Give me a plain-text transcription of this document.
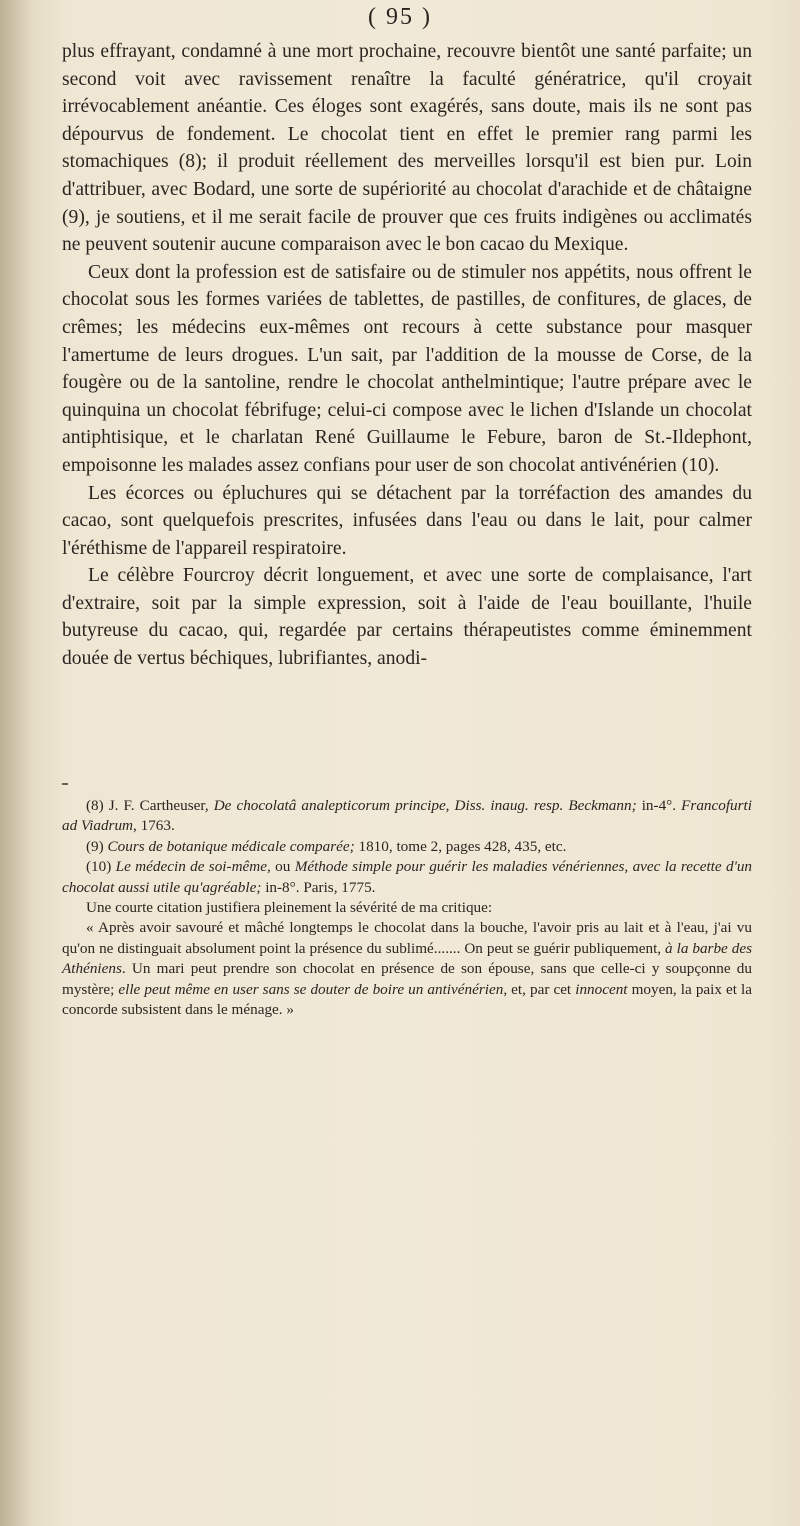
( 95 )

plus effrayant, condamné à une mort prochaine, recouvre bientôt une santé parfaite; un second voit avec ravissement renaître la faculté génératrice, qu'il croyait irrévocablement anéantie. Ces éloges sont exagérés, sans doute, mais ils ne sont pas dépourvus de fondement. Le chocolat tient en effet le premier rang parmi les stomachiques (8); il produit réellement des merveilles lorsqu'il est bien pur. Loin d'attribuer, avec Bodard, une sorte de supériorité au chocolat d'arachide et de châtaigne (9), je soutiens, et il me serait facile de prouver que ces fruits indigènes ou acclimatés ne peuvent soutenir aucune comparaison avec le bon cacao du Mexique.

Ceux dont la profession est de satisfaire ou de stimuler nos appétits, nous offrent le chocolat sous les formes variées de tablettes, de pastilles, de confitures, de glaces, de crêmes; les médecins eux-mêmes ont recours à cette substance pour masquer l'amertume de leurs drogues. L'un sait, par l'addition de la mousse de Corse, de la fougère ou de la santoline, rendre le chocolat anthelmintique; l'autre prépare avec le quinquina un chocolat fébrifuge; celui-ci compose avec le lichen d'Islande un chocolat antiphtisique, et le charlatan René Guillaume le Febure, baron de St.-Ildephont, empoisonne les malades assez confians pour user de son chocolat antivénérien (10).

Les écorces ou épluchures qui se détachent par la torréfaction des amandes du cacao, sont quelquefois prescrites, infusées dans l'eau ou dans le lait, pour calmer l'éréthisme de l'appareil respiratoire.

Le célèbre Fourcroy décrit longuement, et avec une sorte de complaisance, l'art d'extraire, soit par la simple expression, soit à l'aide de l'eau bouillante, l'huile butyreuse du cacao, qui, regardée par certains thérapeutistes comme éminemment douée de vertus béchiques, lubrifiantes, anodi-

(8) J. F. Cartheuser, De chocolatâ analepticorum principe, Diss. inaug. resp. Beckmann; in-4°. Francofurti ad Viadrum, 1763.

(9) Cours de botanique médicale comparée; 1810, tome 2, pages 428, 435, etc.

(10) Le médecin de soi-même, ou Méthode simple pour guérir les maladies vénériennes, avec la recette d'un chocolat aussi utile qu'agréable; in-8°. Paris, 1775.

Une courte citation justifiera pleinement la sévérité de ma critique:

« Après avoir savouré et mâché longtemps le chocolat dans la bouche, l'avoir pris au lait et à l'eau, j'ai vu qu'on ne distinguait absolument point la présence du sublimé....... On peut se guérir publiquement, à la barbe des Athéniens. Un mari peut prendre son chocolat en présence de son épouse, sans que celle-ci y soupçonne du mystère; elle peut même en user sans se douter de boire un antivénérien, et, par cet innocent moyen, la paix et la concorde subsistent dans le ménage. »
